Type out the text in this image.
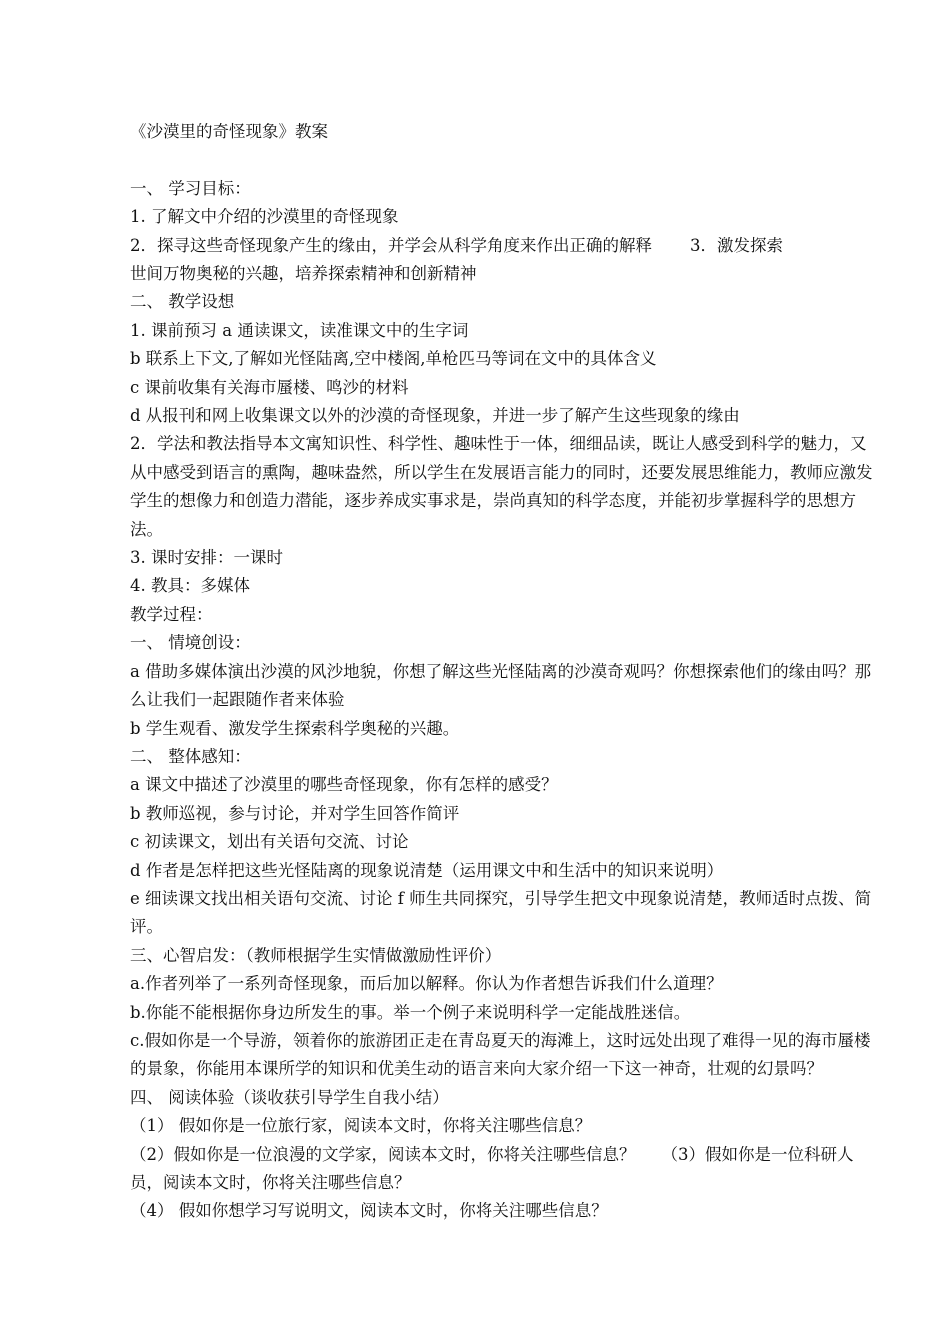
《沙漠里的奇怪现象》教案
一、 学习目标：
1. 了解文中介绍的沙漠里的奇怪现象
2．探寻这些奇怪现象产生的缘由，并学会从科学角度来作出正确的解释 3．激发探索
世间万物奥秘的兴趣，培养探索精神和创新精神
二、 教学设想
1. 课前预习 a 通读课文，读准课文中的生字词
b 联系上下文,了解如光怪陆离,空中楼阁,单枪匹马等词在文中的具体含义
c 课前收集有关海市蜃楼、鸣沙的材料
d 从报刊和网上收集课文以外的沙漠的奇怪现象，并进一步了解产生这些现象的缘由
2．学法和教法指导本文寓知识性、科学性、趣味性于一体，细细品读，既让人感受到科学的魅力，又从中感受到语言的熏陶，趣味盎然，所以学生在发展语言能力的同时，还要发展思维能力，教师应激发学生的想像力和创造力潜能，逐步养成实事求是，崇尚真知的科学态度，并能初步掌握科学的思想方法。
3. 课时安排：一课时
4. 教具：多媒体
教学过程：
一、 情境创设：
a 借助多媒体演出沙漠的风沙地貌，你想了解这些光怪陆离的沙漠奇观吗？你想探索他们的缘由吗？那么让我们一起跟随作者来体验
b 学生观看、激发学生探索科学奥秘的兴趣。
二、 整体感知：
a 课文中描述了沙漠里的哪些奇怪现象，你有怎样的感受？
b 教师巡视，参与讨论，并对学生回答作简评
c 初读课文，划出有关语句交流、讨论
d 作者是怎样把这些光怪陆离的现象说清楚（运用课文中和生活中的知识来说明）
e 细读课文找出相关语句交流、讨论 f 师生共同探究，引导学生把文中现象说清楚，教师适时点拨、简评。
三、心智启发：（教师根据学生实情做激励性评价）
a.作者列举了一系列奇怪现象，而后加以解释。你认为作者想告诉我们什么道理？
b.你能不能根据你身边所发生的事。举一个例子来说明科学一定能战胜迷信。
c.假如你是一个导游，领着你的旅游团正走在青岛夏天的海滩上，这时远处出现了难得一见的海市蜃楼的景象，你能用本课所学的知识和优美生动的语言来向大家介绍一下这一神奇，壮观的幻景吗？
四、 阅读体验（谈收获引导学生自我小结）
（1） 假如你是一位旅行家，阅读本文时，你将关注哪些信息？
（2）假如你是一位浪漫的文学家，阅读本文时，你将关注哪些信息？ （3）假如你是一位科研人员，阅读本文时，你将关注哪些信息？
（4） 假如你想学习写说明文，阅读本文时，你将关注哪些信息？
